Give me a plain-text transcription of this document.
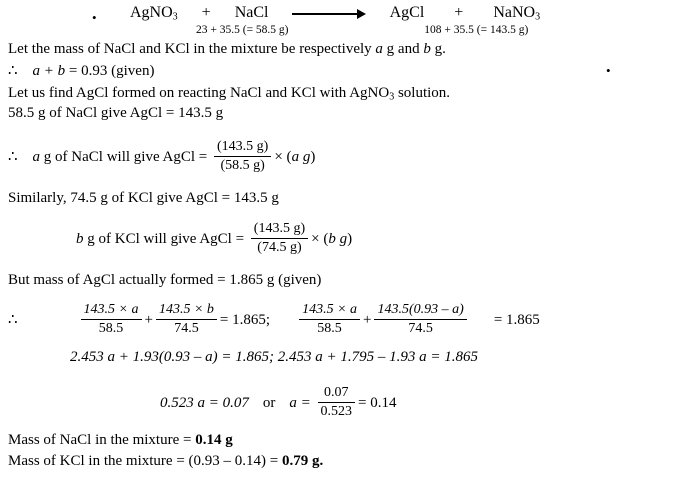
•
•
AgNO$_3$ + NaCl	AgCl + NaNO$_3$
23 + 35.5 (= 58.5 g)	108 + 35.5 (= 143.5 g)
Let the mass of NaCl and KCl in the mixture be respectively a g and b g.
∴ a + b = 0.93 (given)
Let us find AgCl formed on reacting NaCl and KCl with AgNO$_3$ solution.
58.5 g of NaCl give AgCl = 143.5 g
∴ a g of NaCl will give AgCl = $\frac{(143.5 g)}{(58.5 g)} \times (a$ g)
Similarly, 74.5 g of KCl give AgCl = 143.5 g
b g of KCl will give AgCl = $\frac{(143.5 g)}{(74.5 g)} \times (b$ g)
But mass of AgCl actually formed = 1.865 g (given)
∴	$\frac{143.5 \times a}{58.5} + \frac{143.5 \times b}{74.5} = 1.865$; $\frac{143.5 \times a}{58.5} + \frac{143.5(0.93 - a)}{74.5} = 1.865$
2.453 a + 1.93(0.93 – a) = 1.865; 2.453 a + 1.795 – 1.93 a = 1.865
0.523 a = 0.07 or $a = \frac{0.07}{0.523} = 0.14$
Mass of NaCl in the mixture = 0.14 g
Mass of KCl in the mixture = (0.93 – 0.14) = 0.79 g.
